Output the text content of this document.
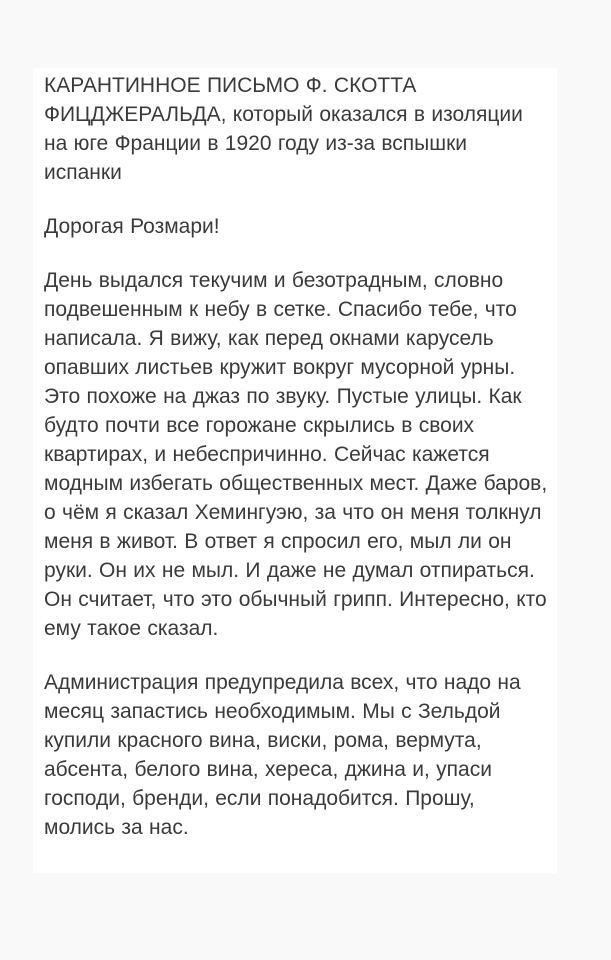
КАРАНТИННОЕ ПИСЬМО Ф. СКОТТА ФИЦДЖЕРАЛЬДА, который оказался в изоляции на юге Франции в 1920 году из-за вспышки испанки

Дорогая Розмари!

День выдался текучим и безотрадным, словно подвешенным к небу в сетке. Спасибо тебе, что написала. Я вижу, как перед окнами карусель опавших листьев кружит вокруг мусорной урны. Это похоже на джаз по звуку. Пустые улицы. Как будто почти все горожане скрылись в своих квартирах, и небеспричинно. Сейчас кажется модным избегать общественных мест. Даже баров, о чём я сказал Хемингуэю, за что он меня толкнул меня в живот. В ответ я спросил его, мыл ли он руки. Он их не мыл. И даже не думал отпираться. Он считает, что это обычный грипп. Интересно, кто ему такое сказал.

Администрация предупредила всех, что надо на месяц запастись необходимым. Мы с Зельдой купили красного вина, виски, рома, вермута, абсента, белого вина, хереса, джина и, упаси господи, бренди, если понадобится. Прошу, молись за нас.
